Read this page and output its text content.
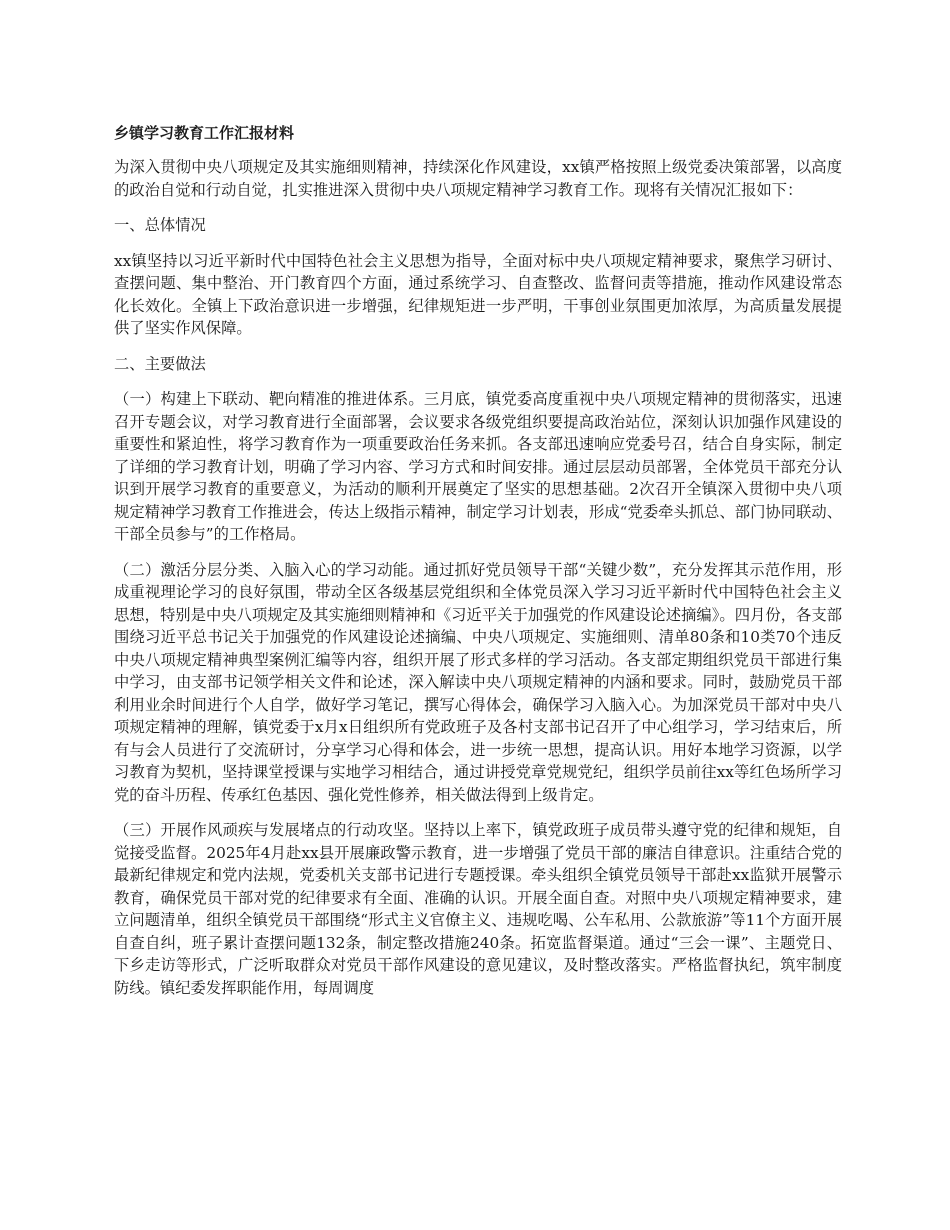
乡镇学习教育工作汇报材料

为深入贯彻中央八项规定及其实施细则精神，持续深化作风建设，xx镇严格按照上级党委决策部署，以高度的政治自觉和行动自觉，扎实推进深入贯彻中央八项规定精神学习教育工作。现将有关情况汇报如下：

一、总体情况

xx镇坚持以习近平新时代中国特色社会主义思想为指导，全面对标中央八项规定精神要求，聚焦学习研讨、查摆问题、集中整治、开门教育四个方面，通过系统学习、自查整改、监督问责等措施，推动作风建设常态化长效化。全镇上下政治意识进一步增强，纪律规矩进一步严明，干事创业氛围更加浓厚，为高质量发展提供了坚实作风保障。

二、主要做法

（一）构建上下联动、靶向精准的推进体系。三月底，镇党委高度重视中央八项规定精神的贯彻落实，迅速召开专题会议，对学习教育进行全面部署，会议要求各级党组织要提高政治站位，深刻认识加强作风建设的重要性和紧迫性，将学习教育作为一项重要政治任务来抓。各支部迅速响应党委号召，结合自身实际，制定了详细的学习教育计划，明确了学习内容、学习方式和时间安排。通过层层动员部署，全体党员干部充分认识到开展学习教育的重要意义，为活动的顺利开展奠定了坚实的思想基础。2次召开全镇深入贯彻中央八项规定精神学习教育工作推进会，传达上级指示精神，制定学习计划表，形成“党委牵头抓总、部门协同联动、干部全员参与”的工作格局。

（二）激活分层分类、入脑入心的学习动能。通过抓好党员领导干部“关键少数”，充分发挥其示范作用，形成重视理论学习的良好氛围，带动全区各级基层党组织和全体党员深入学习习近平新时代中国特色社会主义思想，特别是中央八项规定及其实施细则精神和《习近平关于加强党的作风建设论述摘编》。四月份，各支部围绕习近平总书记关于加强党的作风建设论述摘编、中央八项规定、实施细则、清单80条和10类70个违反中央八项规定精神典型案例汇编等内容，组织开展了形式多样的学习活动。各支部定期组织党员干部进行集中学习，由支部书记领学相关文件和论述，深入解读中央八项规定精神的内涵和要求。同时，鼓励党员干部利用业余时间进行个人自学，做好学习笔记，撰写心得体会，确保学习入脑入心。为加深党员干部对中央八项规定精神的理解，镇党委于x月x日组织所有党政班子及各村支部书记召开了中心组学习，学习结束后，所有与会人员进行了交流研讨，分享学习心得和体会，进一步统一思想，提高认识。用好本地学习资源，以学习教育为契机，坚持课堂授课与实地学习相结合，通过讲授党章党规党纪，组织学员前往xx等红色场所学习党的奋斗历程、传承红色基因、强化党性修养，相关做法得到上级肯定。

（三）开展作风顽疾与发展堵点的行动攻坚。坚持以上率下，镇党政班子成员带头遵守党的纪律和规矩，自觉接受监督。2025年4月赴xx县开展廉政警示教育，进一步增强了党员干部的廉洁自律意识。注重结合党的最新纪律规定和党内法规，党委机关支部书记进行专题授课。牵头组织全镇党员领导干部赴xx监狱开展警示教育，确保党员干部对党的纪律要求有全面、准确的认识。开展全面自查。对照中央八项规定精神要求，建立问题清单，组织全镇党员干部围绕“形式主义官僚主义、违规吃喝、公车私用、公款旅游”等11个方面开展自查自纠，班子累计查摆问题132条，制定整改措施240条。拓宽监督渠道。通过“三会一课”、主题党日、下乡走访等形式，广泛听取群众对党员干部作风建设的意见建议，及时整改落实。严格监督执纪，筑牢制度防线。镇纪委发挥职能作用，每周调度
